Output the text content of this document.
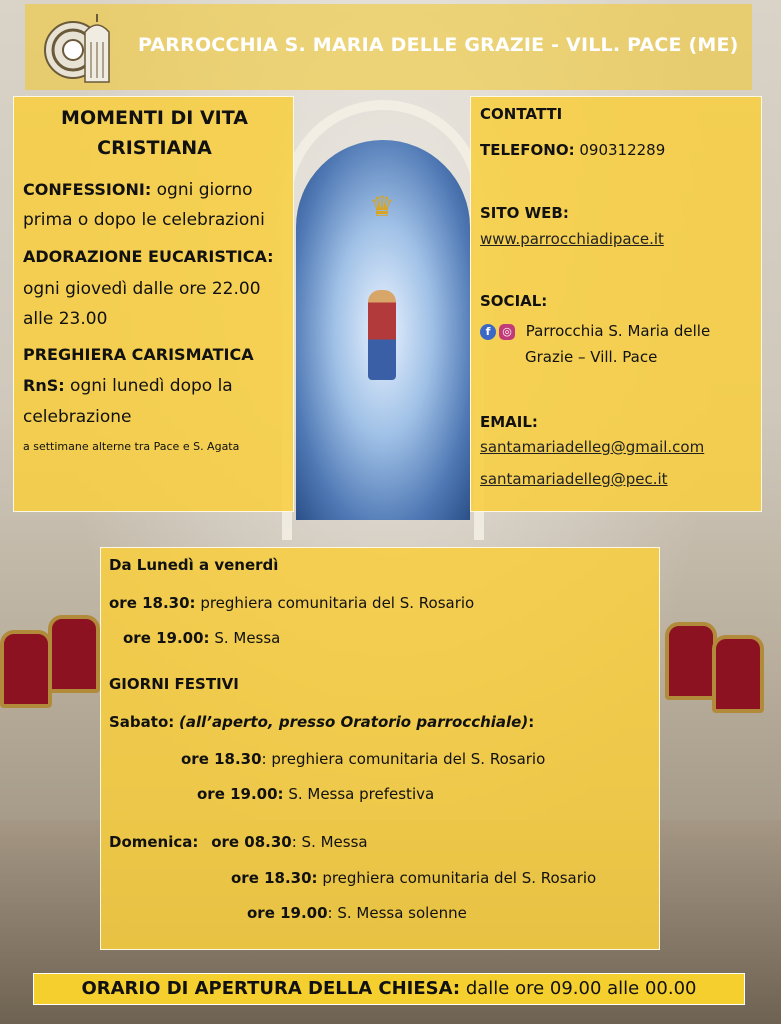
♛
PARROCCHIA S. MARIA DELLE GRAZIE - VILL. PACE (ME)
MOMENTI DI VITA
CRISTIANA
CONFESSIONI: ogni giorno
prima o dopo le celebrazioni
ADORAZIONE EUCARISTICA:
ogni giovedì dalle ore 22.00
alle 23.00
PREGHIERA CARISMATICA
RnS: ogni lunedì dopo la
celebrazione
a settimane alterne tra Pace e S. Agata
CONTATTI
TELEFONO: 090312289
SITO WEB:
www.parrocchiadipace.it
SOCIAL:
f ◎ Parrocchia S. Maria delle
Grazie – Vill. Pace
EMAIL:
santamariadelleg@gmail.com
santamariadelleg@pec.it
Da Lunedì a venerdì
ore 18.30: preghiera comunitaria del S. Rosario
ore 19.00: S. Messa
GIORNI FESTIVI
Sabato: (all’aperto, presso Oratorio parrocchiale):
ore 18.30: preghiera comunitaria del S. Rosario
ore 19.00: S. Messa prefestiva
Domenica: ore 08.30: S. Messa
ore 18.30: preghiera comunitaria del S. Rosario
ore 19.00: S. Messa solenne
ORARIO DI APERTURA DELLA CHIESA: dalle ore 09.00 alle 00.00
